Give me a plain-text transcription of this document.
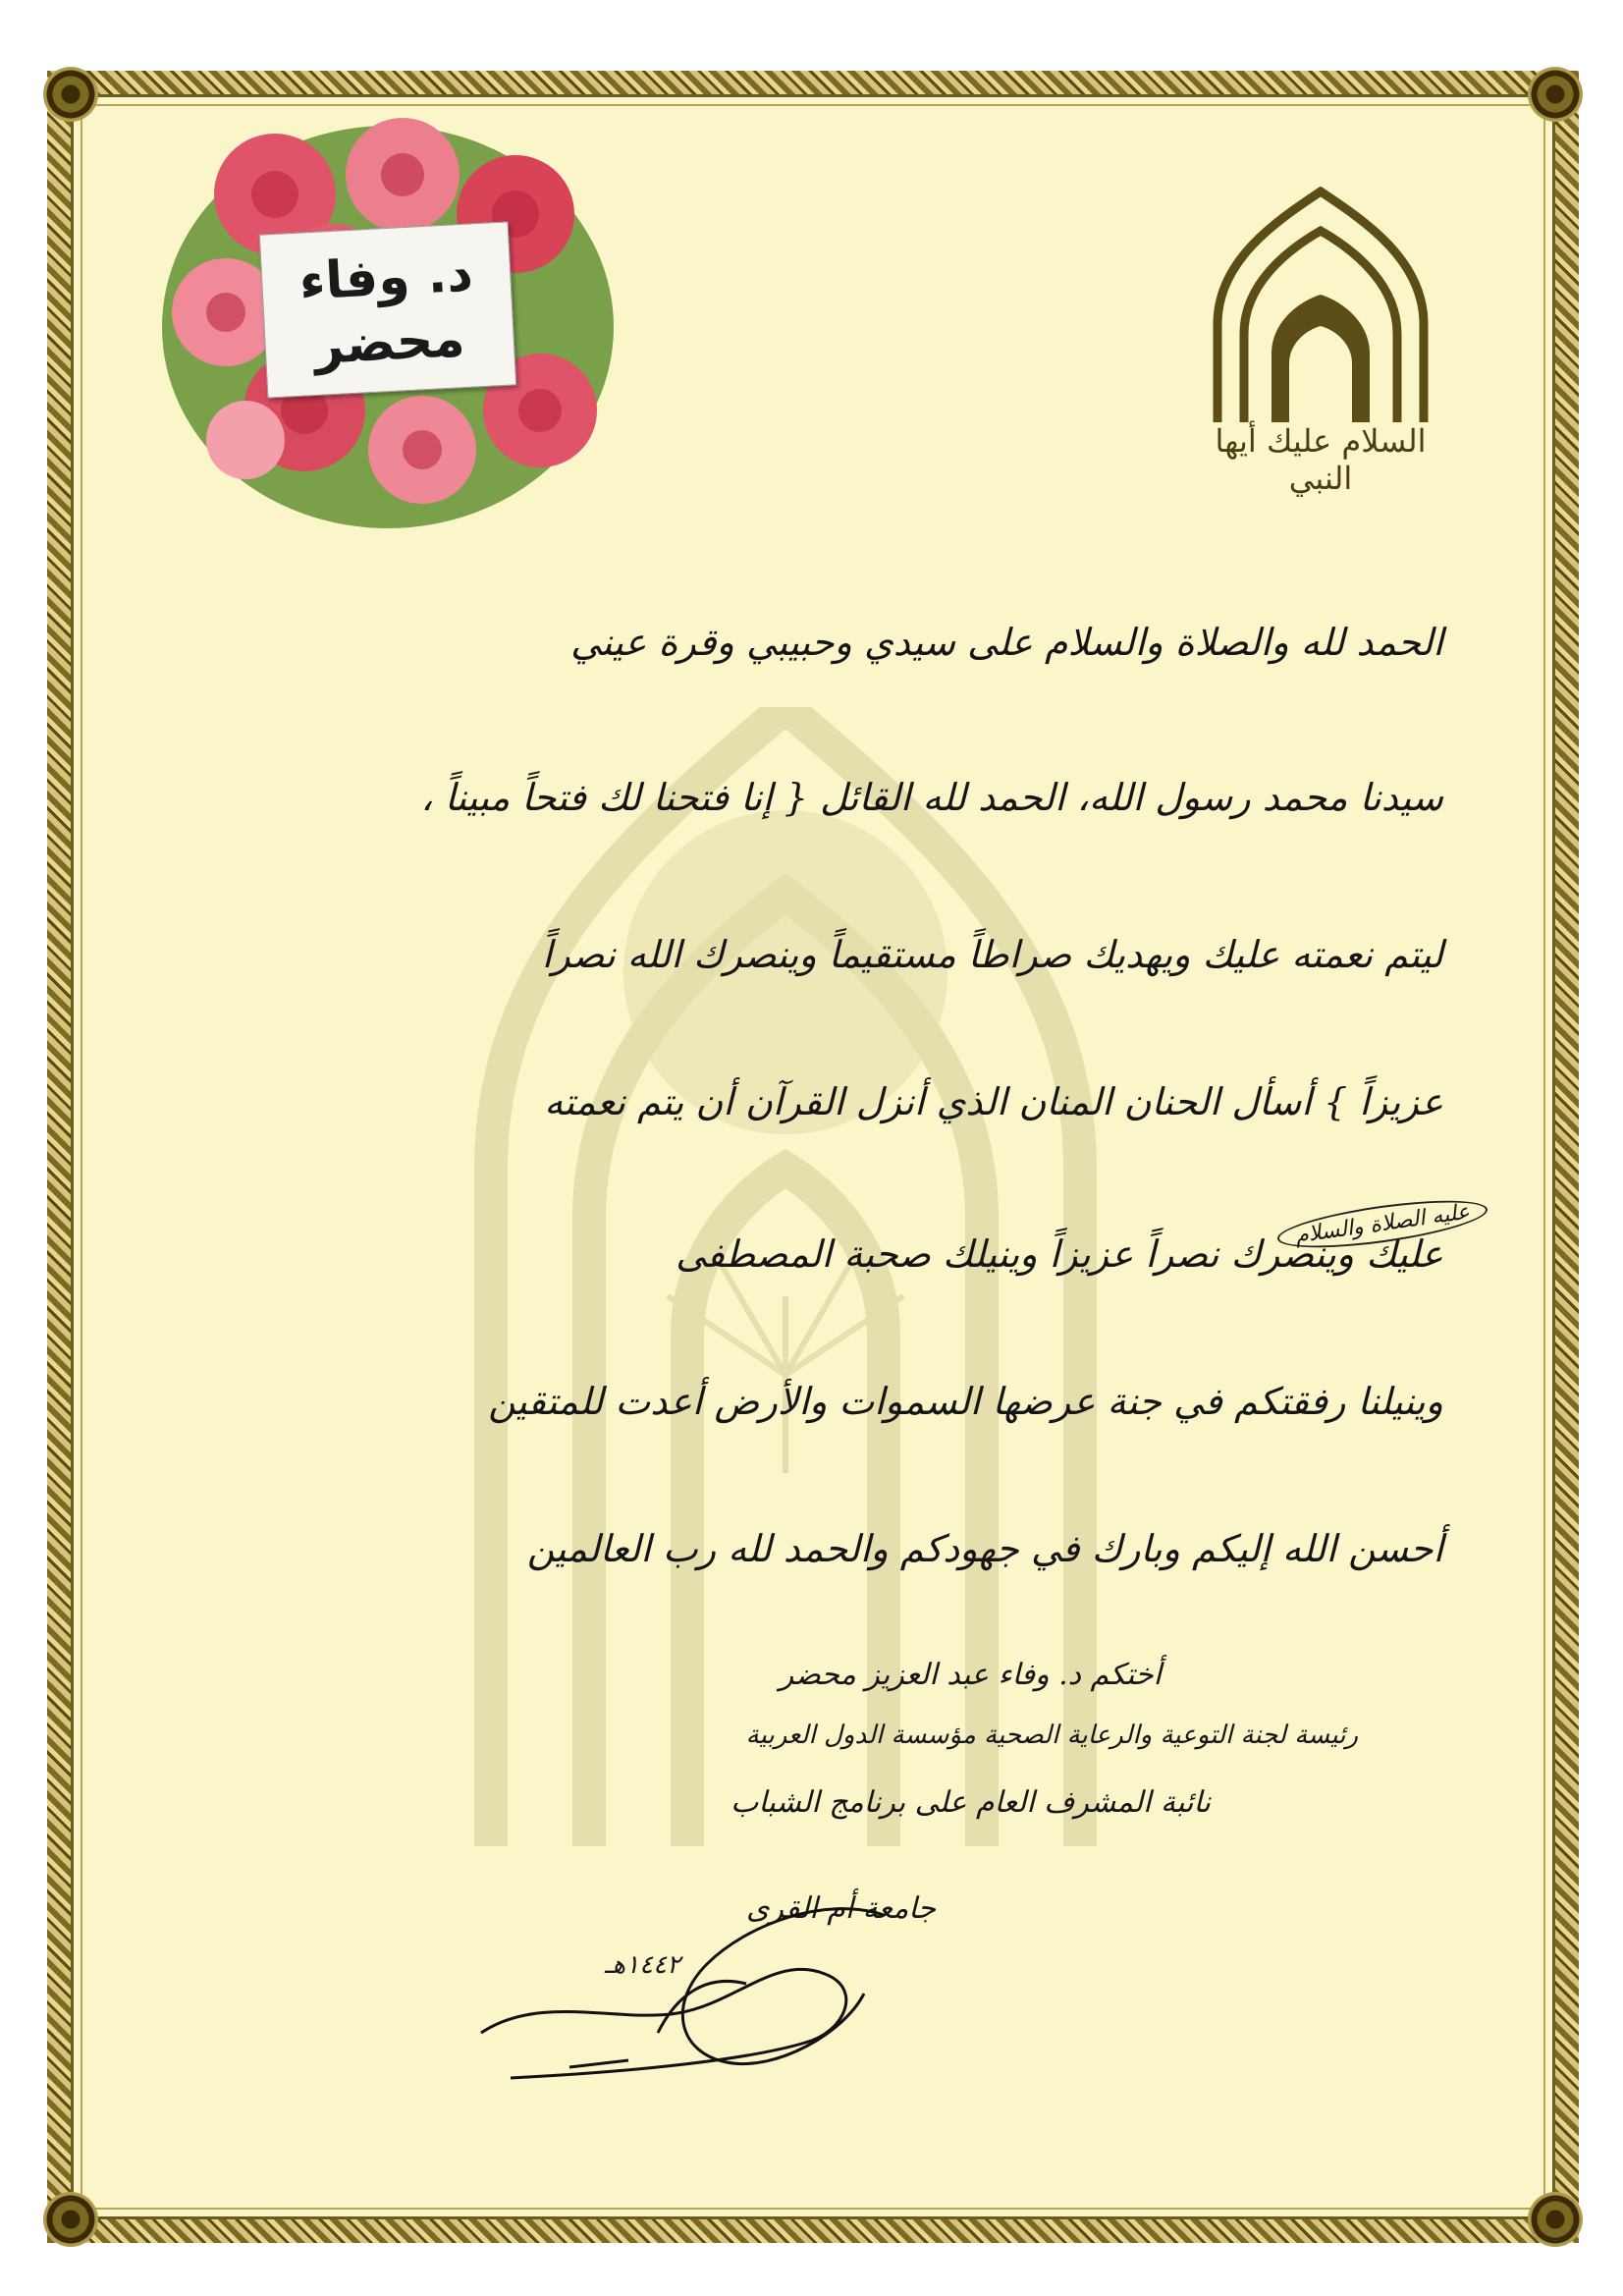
د. وفاء
محضر
السلام عليك أيها النبي
الحمد لله والصلاة والسلام على سيدي وحبيبي وقرة عيني
سيدنا محمد رسول الله، الحمد لله القائل { إنا فتحنا لك فتحاً مبيناً ،
ليتم نعمته عليك ويهديك صراطاً مستقيماً وينصرك الله نصراً
عزيزاً } أسأل الحنان المنان الذي أنزل القرآن أن يتم نعمته
عليك وينصرك نصراً عزيزاً وينيلك صحبة المصطفى
وينيلنا رفقتكم في جنة عرضها السموات والأرض أعدت للمتقين
أحسن الله إليكم وبارك في جهودكم والحمد لله رب العالمين
عليه الصلاة والسلام
أختكم د. وفاء عبد العزيز محضر
رئيسة لجنة التوعية والرعاية الصحية مؤسسة الدول العربية
نائبة المشرف العام على برنامج الشباب
جامعة أم القرى
١٤٤٢هـ
